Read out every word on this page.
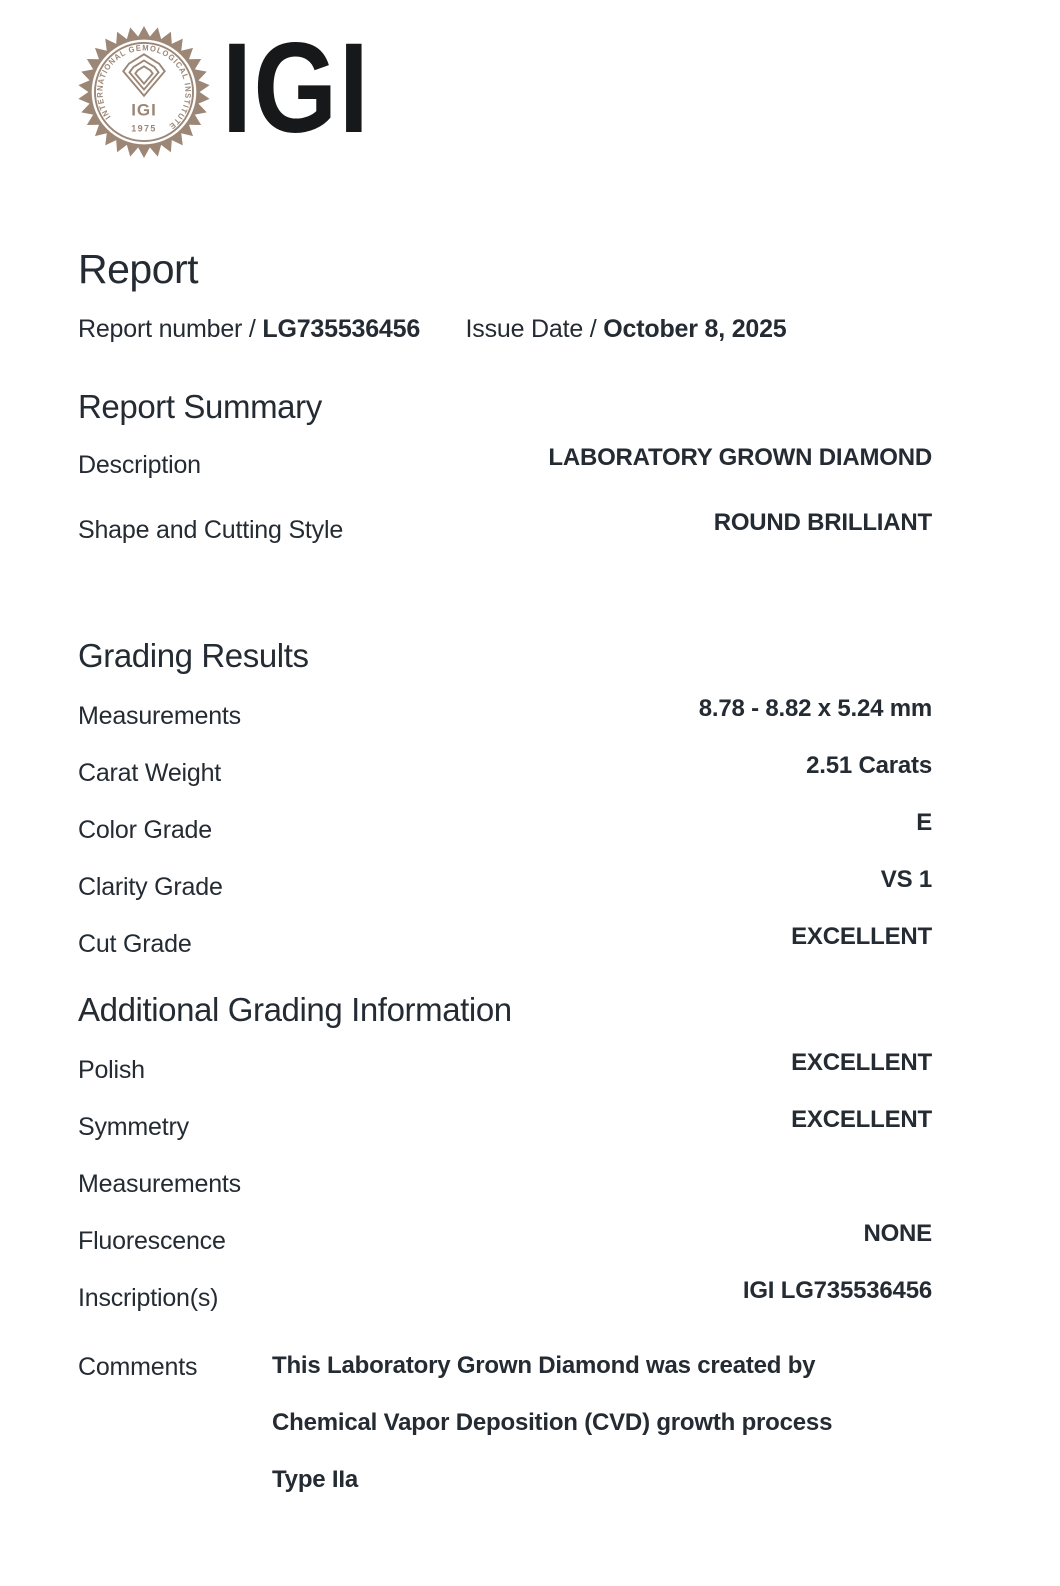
INTERNATIONAL GEMOLOGICAL INSTITUTE
IGI
1975 IGI
Report
Report number / LG735536456 Issue Date / October 8, 2025
Report Summary
Description	LABORATORY GROWN DIAMOND
Shape and Cutting Style	ROUND BRILLIANT
Grading Results
Measurements	8.78 - 8.82 x 5.24 mm
Carat Weight	2.51 Carats
Color Grade	E
Clarity Grade	VS 1
Cut Grade	EXCELLENT
Additional Grading Information
Polish	EXCELLENT
Symmetry	EXCELLENT
Measurements
Fluorescence	NONE
Inscription(s)	IGI LG735536456
Comments	This Laboratory Grown Diamond was created by
Chemical Vapor Deposition (CVD) growth process
Type IIa
